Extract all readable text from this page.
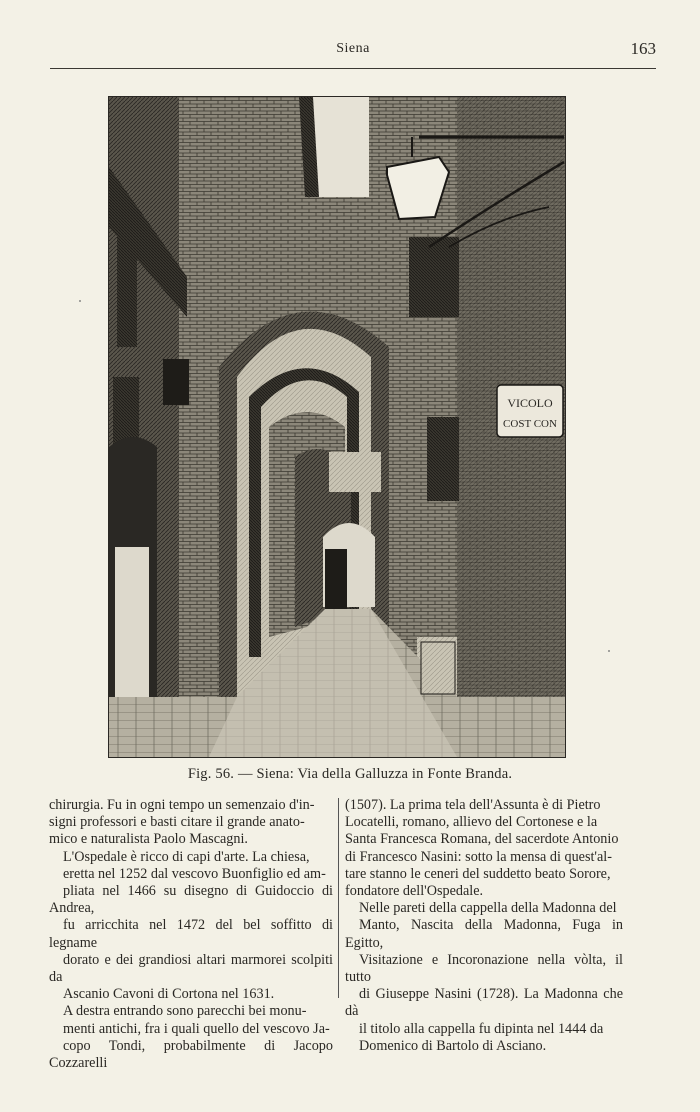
Siena	163
VICOLO
COST CON
Fig. 56. — Siena: Via della Galluzza in Fonte Branda.

chirurgia. Fu in ogni tempo un semenzaio d'in-
signi professori e basti citare il grande anato-
mico e naturalista Paolo Mascagni.

L'Ospedale è ricco di capi d'arte. La chiesa,
eretta nel 1252 dal vescovo Buonfiglio ed am-
pliata nel 1466 su disegno di Guidoccio di Andrea,
fu arricchita nel 1472 del bel soffitto di legname
dorato e dei grandiosi altari marmorei scolpiti da
Ascanio Cavoni di Cortona nel 1631.

A destra entrando sono parecchi bei monu-
menti antichi, fra i quali quello del vescovo Ja-
copo Tondi, probabilmente di Jacopo Cozzarelli

(1507). La prima tela dell'Assunta è di Pietro
Locatelli, romano, allievo del Cortonese e la
Santa Francesca Romana, del sacerdote Antonio
di Francesco Nasini: sotto la mensa di quest'al-
tare stanno le ceneri del suddetto beato Sorore,
fondatore dell'Ospedale.

Nelle pareti della cappella della Madonna del
Manto, Nascita della Madonna, Fuga in Egitto,
Visitazione e Incoronazione nella vòlta, il tutto
di Giuseppe Nasini (1728). La Madonna che dà
il titolo alla cappella fu dipinta nel 1444 da
Domenico di Bartolo di Asciano.
